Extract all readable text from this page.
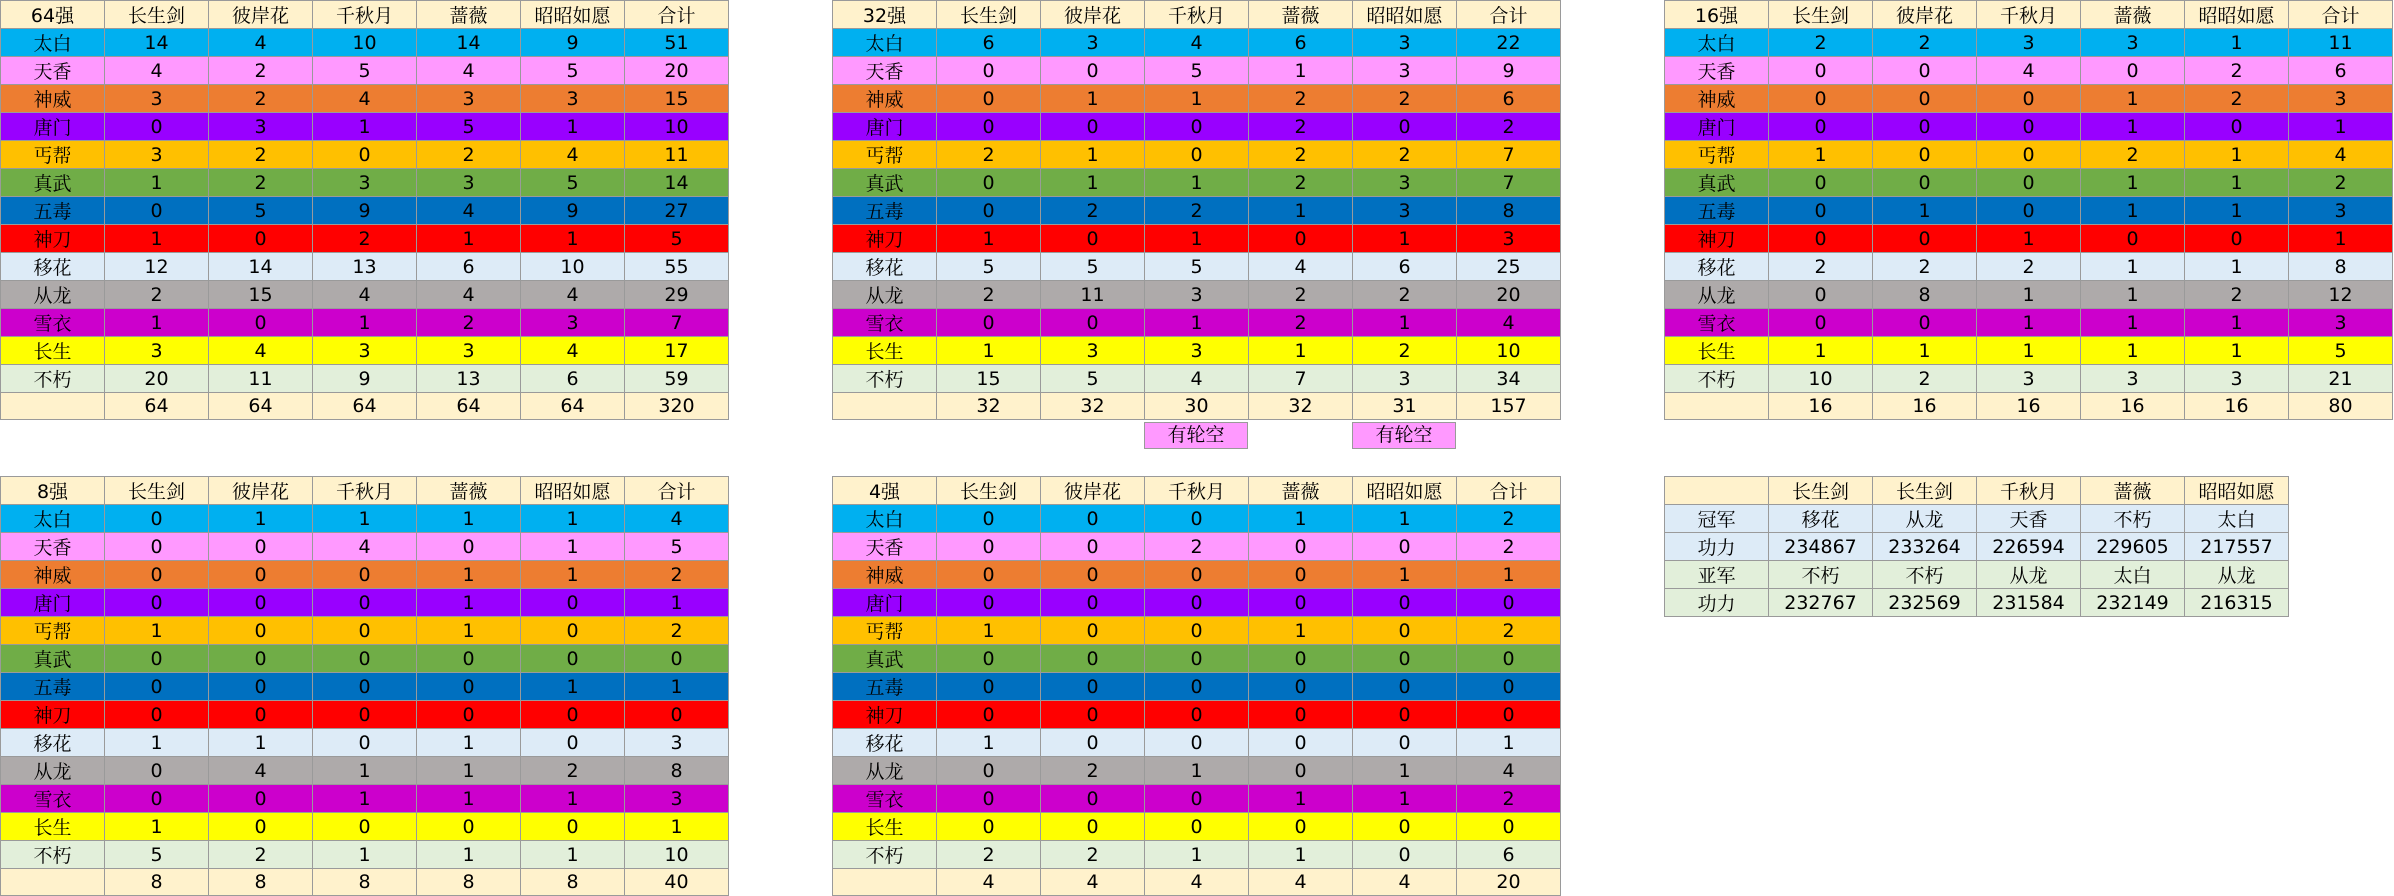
64强	长生剑	彼岸花	千秋月	蔷薇	昭昭如愿	合计
太白	14	4	10	14	9	51
天香	4	2	5	4	5	20
神威	3	2	4	3	3	15
唐门	0	3	1	5	1	10
丐帮	3	2	0	2	4	11
真武	1	2	3	3	5	14
五毒	0	5	9	4	9	27
神刀	1	0	2	1	1	5
移花	12	14	13	6	10	55
从龙	2	15	4	4	4	29
雪衣	1	0	1	2	3	7
长生	3	4	3	3	4	17
不朽	20	11	9	13	6	59
	64	64	64	64	64	320
32强	长生剑	彼岸花	千秋月	蔷薇	昭昭如愿	合计
太白	6	3	4	6	3	22
天香	0	0	5	1	3	9
神威	0	1	1	2	2	6
唐门	0	0	0	2	0	2
丐帮	2	1	0	2	2	7
真武	0	1	1	2	3	7
五毒	0	2	2	1	3	8
神刀	1	0	1	0	1	3
移花	5	5	5	4	6	25
从龙	2	11	3	2	2	20
雪衣	0	0	1	2	1	4
长生	1	3	3	1	2	10
不朽	15	5	4	7	3	34
	32	32	30	32	31	157
16强	长生剑	彼岸花	千秋月	蔷薇	昭昭如愿	合计
太白	2	2	3	3	1	11
天香	0	0	4	0	2	6
神威	0	0	0	1	2	3
唐门	0	0	0	1	0	1
丐帮	1	0	0	2	1	4
真武	0	0	0	1	1	2
五毒	0	1	0	1	1	3
神刀	0	0	1	0	0	1
移花	2	2	2	1	1	8
从龙	0	8	1	1	2	12
雪衣	0	0	1	1	1	3
长生	1	1	1	1	1	5
不朽	10	2	3	3	3	21
	16	16	16	16	16	80
8强	长生剑	彼岸花	千秋月	蔷薇	昭昭如愿	合计
太白	0	1	1	1	1	4
天香	0	0	4	0	1	5
神威	0	0	0	1	1	2
唐门	0	0	0	1	0	1
丐帮	1	0	0	1	0	2
真武	0	0	0	0	0	0
五毒	0	0	0	0	1	1
神刀	0	0	0	0	0	0
移花	1	1	0	1	0	3
从龙	0	4	1	1	2	8
雪衣	0	0	1	1	1	3
长生	1	0	0	0	0	1
不朽	5	2	1	1	1	10
	8	8	8	8	8	40
4强	长生剑	彼岸花	千秋月	蔷薇	昭昭如愿	合计
太白	0	0	0	1	1	2
天香	0	0	2	0	0	2
神威	0	0	0	0	1	1
唐门	0	0	0	0	0	0
丐帮	1	0	0	1	0	2
真武	0	0	0	0	0	0
五毒	0	0	0	0	0	0
神刀	0	0	0	0	0	0
移花	1	0	0	0	0	1
从龙	0	2	1	0	1	4
雪衣	0	0	0	1	1	2
长生	0	0	0	0	0	0
不朽	2	2	1	1	0	6
	4	4	4	4	4	20
有轮空	有轮空
	长生剑	长生剑	千秋月	蔷薇	昭昭如愿
冠军	移花	从龙	天香	不朽	太白
功力	234867	233264	226594	229605	217557
亚军	不朽	不朽	从龙	太白	从龙
功力	232767	232569	231584	232149	216315
